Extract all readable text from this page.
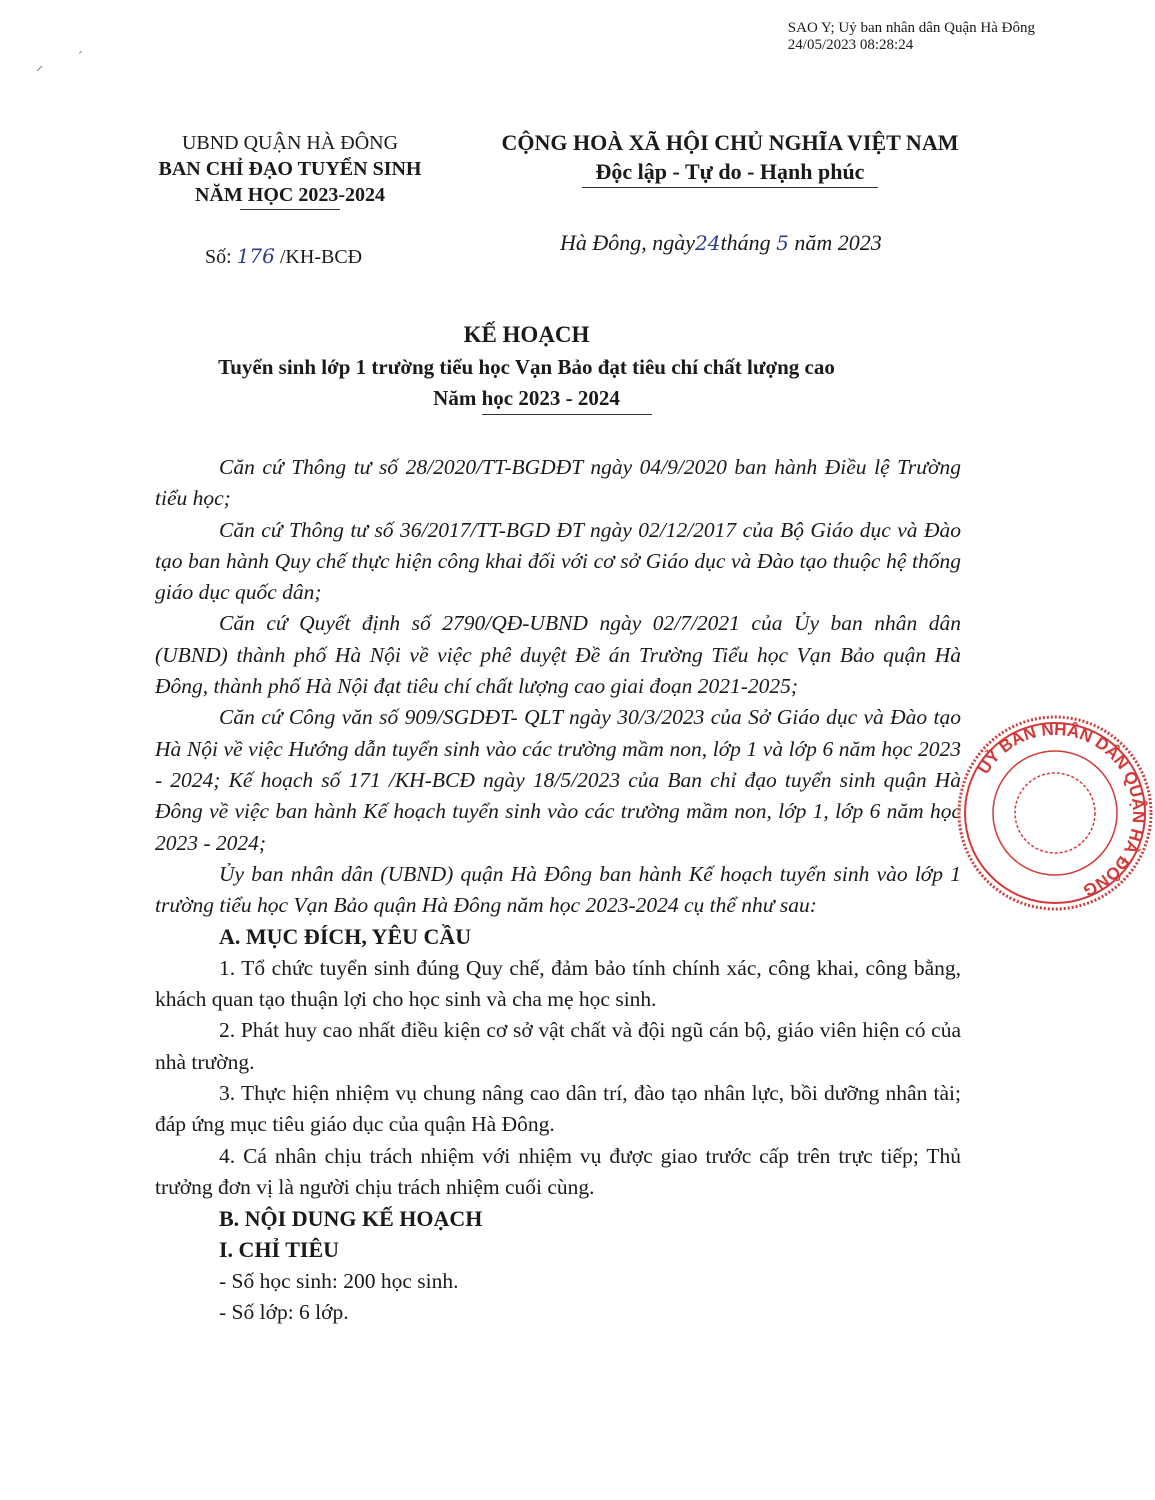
SAO Y; Uỷ ban nhân dân Quận Hà Đông
24/05/2023 08:28:24
⸝
ˊ
UBND QUẬN HÀ ĐÔNG
BAN CHỈ ĐẠO TUYỂN SINH
NĂM HỌC 2023-2024
CỘNG HOÀ XÃ HỘI CHỦ NGHĨA VIỆT NAM
Độc lập - Tự do - Hạnh phúc
Số: 176 /KH-BCĐ
Hà Đông, ngày24tháng 5 năm 2023
KẾ HOẠCH
Tuyển sinh lớp 1 trường tiểu học Vạn Bảo đạt tiêu chí chất lượng cao
Năm học 2023 - 2024

Căn cứ Thông tư số 28/2020/TT-BGDĐT ngày 04/9/2020 ban hành Điều lệ Trường tiểu học;

Căn cứ Thông tư số 36/2017/TT-BGD ĐT ngày 02/12/2017 của Bộ Giáo dục và Đào tạo ban hành Quy chế thực hiện công khai đối với cơ sở Giáo dục và Đào tạo thuộc hệ thống giáo dục quốc dân;

Căn cứ Quyết định số 2790/QĐ-UBND ngày 02/7/2021 của Ủy ban nhân dân (UBND) thành phố Hà Nội về việc phê duyệt Đề án Trường Tiểu học Vạn Bảo quận Hà Đông, thành phố Hà Nội đạt tiêu chí chất lượng cao giai đoạn 2021-2025;

Căn cứ Công văn số 909/SGDĐT- QLT ngày 30/3/2023 của Sở Giáo dục và Đào tạo Hà Nội về việc Hướng dẫn tuyển sinh vào các trường mầm non, lớp 1 và lớp 6 năm học 2023 - 2024; Kế hoạch số 171 /KH-BCĐ ngày 18/5/2023 của Ban chỉ đạo tuyển sinh quận Hà Đông về việc ban hành Kế hoạch tuyển sinh vào các trường mầm non, lớp 1, lớp 6 năm học 2023 - 2024;

Ủy ban nhân dân (UBND) quận Hà Đông ban hành Kế hoạch tuyển sinh vào lớp 1 trường tiểu học Vạn Bảo quận Hà Đông năm học 2023-2024 cụ thể như sau:

A. MỤC ĐÍCH, YÊU CẦU

1. Tổ chức tuyển sinh đúng Quy chế, đảm bảo tính chính xác, công khai, công bằng, khách quan tạo thuận lợi cho học sinh và cha mẹ học sinh.

2. Phát huy cao nhất điều kiện cơ sở vật chất và đội ngũ cán bộ, giáo viên hiện có của nhà trường.

3. Thực hiện nhiệm vụ chung nâng cao dân trí, đào tạo nhân lực, bồi dưỡng nhân tài; đáp ứng mục tiêu giáo dục của quận Hà Đông.

4. Cá nhân chịu trách nhiệm với nhiệm vụ được giao trước cấp trên trực tiếp; Thủ trưởng đơn vị là người chịu trách nhiệm cuối cùng.

B. NỘI DUNG KẾ HOẠCH

I. CHỈ TIÊU

- Số học sinh: 200 học sinh.

- Số lớp: 6 lớp.

UỶ BAN NHÂN DÂN QUẬN HÀ ĐÔNG
